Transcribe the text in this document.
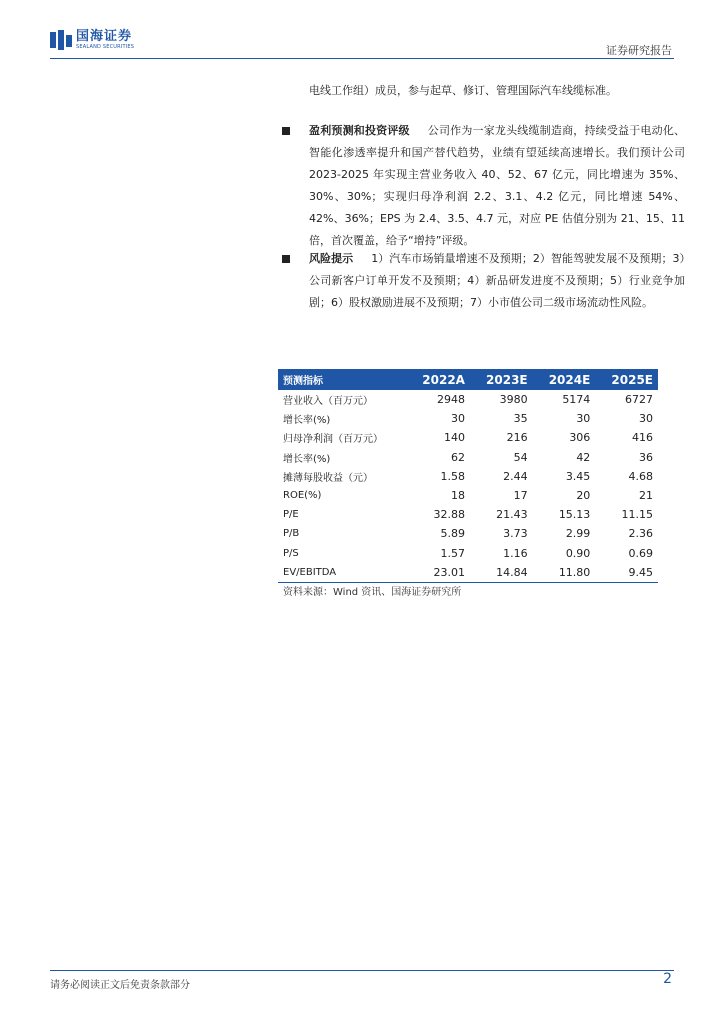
国海证券
SEALAND SECURITIES	证券研究报告

电线工作组）成员，参与起草、修订、管理国际汽车线缆标准。

盈利预测和投资评级 公司作为一家龙头线缆制造商，持续受益于电动化、智能化渗透率提升和国产替代趋势，业绩有望延续高速增长。我们预计公司 2023-2025 年实现主营业务收入 40、52、67 亿元，同比增速为 35%、30%、30%；实现归母净利润 2.2、3.1、4.2 亿元，同比增速 54%、42%、36%；EPS 为 2.4、3.5、4.7 元，对应 PE 估值分别为 21、15、11 倍，首次覆盖，给予“增持”评级。

风险提示 1）汽车市场销量增速不及预期；2）智能驾驶发展不及预期；3）公司新客户订单开发不及预期；4）新品研发进度不及预期；5）行业竞争加剧；6）股权激励进展不及预期；7）小市值公司二级市场流动性风险。

预测指标	2022A	2023E	2024E	2025E
营业收入（百万元）	2948	3980	5174	6727
增长率(%)	30	35	30	30
归母净利润（百万元）	140	216	306	416
增长率(%)	62	54	42	36
摊薄每股收益（元）	1.58	2.44	3.45	4.68
ROE(%)	18	17	20	21
P/E	32.88	21.43	15.13	11.15
P/B	5.89	3.73	2.99	2.36
P/S	1.57	1.16	0.90	0.69
EV/EBITDA	23.01	14.84	11.80	9.45
资料来源：Wind 资讯、国海证券研究所
请务必阅读正文后免责条款部分	2
